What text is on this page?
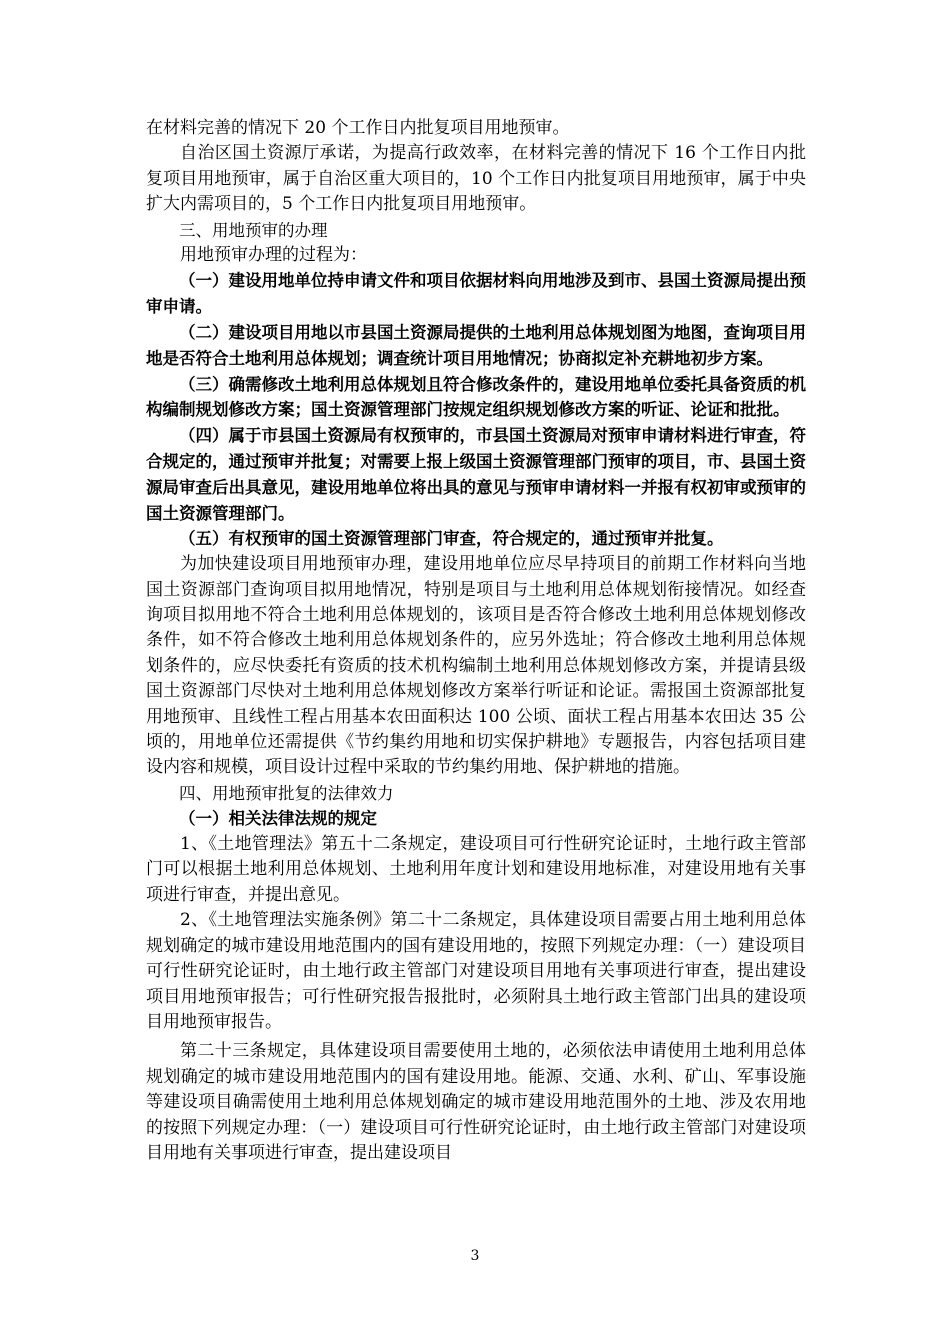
在材料完善的情况下 20 个工作日内批复项目用地预审。

自治区国土资源厅承诺，为提高行政效率，在材料完善的情况下 16 个工作日内批复项目用地预审，属于自治区重大项目的，10 个工作日内批复项目用地预审，属于中央扩大内需项目的，5 个工作日内批复项目用地预审。

三、用地预审的办理

用地预审办理的过程为：

（一）建设用地单位持申请文件和项目依据材料向用地涉及到市、县国土资源局提出预审申请。

（二）建设项目用地以市县国土资源局提供的土地利用总体规划图为地图，查询项目用地是否符合土地利用总体规划；调查统计项目用地情况；协商拟定补充耕地初步方案。

（三）确需修改土地利用总体规划且符合修改条件的，建设用地单位委托具备资质的机构编制规划修改方案；国土资源管理部门按规定组织规划修改方案的听证、论证和批批。

（四）属于市县国土资源局有权预审的，市县国土资源局对预审申请材料进行审查，符合规定的，通过预审并批复；对需要上报上级国土资源管理部门预审的项目，市、县国土资源局审查后出具意见，建设用地单位将出具的意见与预审申请材料一并报有权初审或预审的国土资源管理部门。

（五）有权预审的国土资源管理部门审查，符合规定的，通过预审并批复。

为加快建设项目用地预审办理，建设用地单位应尽早持项目的前期工作材料向当地国土资源部门查询项目拟用地情况，特别是项目与土地利用总体规划衔接情况。如经查询项目拟用地不符合土地利用总体规划的，该项目是否符合修改土地利用总体规划修改条件，如不符合修改土地利用总体规划条件的，应另外选址；符合修改土地利用总体规划条件的，应尽快委托有资质的技术机构编制土地利用总体规划修改方案，并提请县级国土资源部门尽快对土地利用总体规划修改方案举行听证和论证。需报国土资源部批复用地预审、且线性工程占用基本农田面积达 100 公顷、面状工程占用基本农田达 35 公顷的，用地单位还需提供《节约集约用地和切实保护耕地》专题报告，内容包括项目建设内容和规模，项目设计过程中采取的节约集约用地、保护耕地的措施。

四、用地预审批复的法律效力

（一）相关法律法规的规定

1、《土地管理法》第五十二条规定，建设项目可行性研究论证时，土地行政主管部门可以根据土地利用总体规划、土地利用年度计划和建设用地标准，对建设用地有关事项进行审查，并提出意见。

2、《土地管理法实施条例》第二十二条规定，具体建设项目需要占用土地利用总体规划确定的城市建设用地范围内的国有建设用地的，按照下列规定办理：（一）建设项目可行性研究论证时，由土地行政主管部门对建设项目用地有关事项进行审查，提出建设项目用地预审报告；可行性研究报告报批时，必须附具土地行政主管部门出具的建设项目用地预审报告。

第二十三条规定，具体建设项目需要使用土地的，必须依法申请使用土地利用总体规划确定的城市建设用地范围内的国有建设用地。能源、交通、水利、矿山、军事设施等建设项目确需使用土地利用总体规划确定的城市建设用地范围外的土地、涉及农用地的按照下列规定办理：（一）建设项目可行性研究论证时，由土地行政主管部门对建设项目用地有关事项进行审查，提出建设项目

3
